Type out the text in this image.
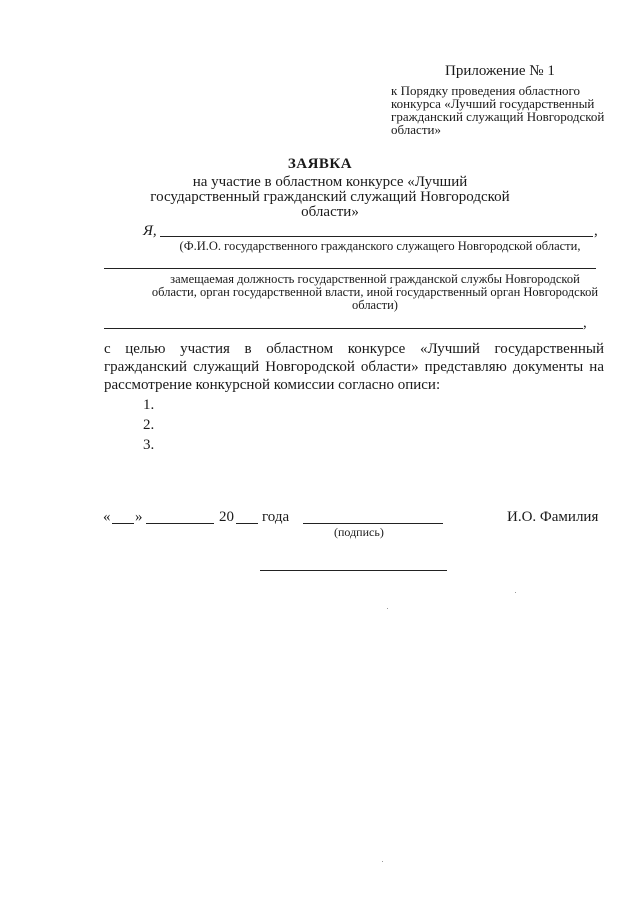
Приложение № 1
к Порядку проведения областного конкурса «Лучший государственный гражданский служащий Новгородской области»
ЗАЯВКА
на участие в областном конкурсе «Лучший государственный гражданский служащий Новгородской области»
Я,	,
(Ф.И.О. государственного гражданского служащего Новгородской области,
замещаемая должность государственной гражданской службы Новгородской области, орган государственной власти, иной государственный орган Новгородской области)
,
с целью участия в областном конкурсе «Лучший государственный гражданский служащий Новгородской области» представляю документы на рассмотрение конкурсной комиссии согласно описи:
1.
2.
3.
« »	20 года
(подпись)
И.О. Фамилия
